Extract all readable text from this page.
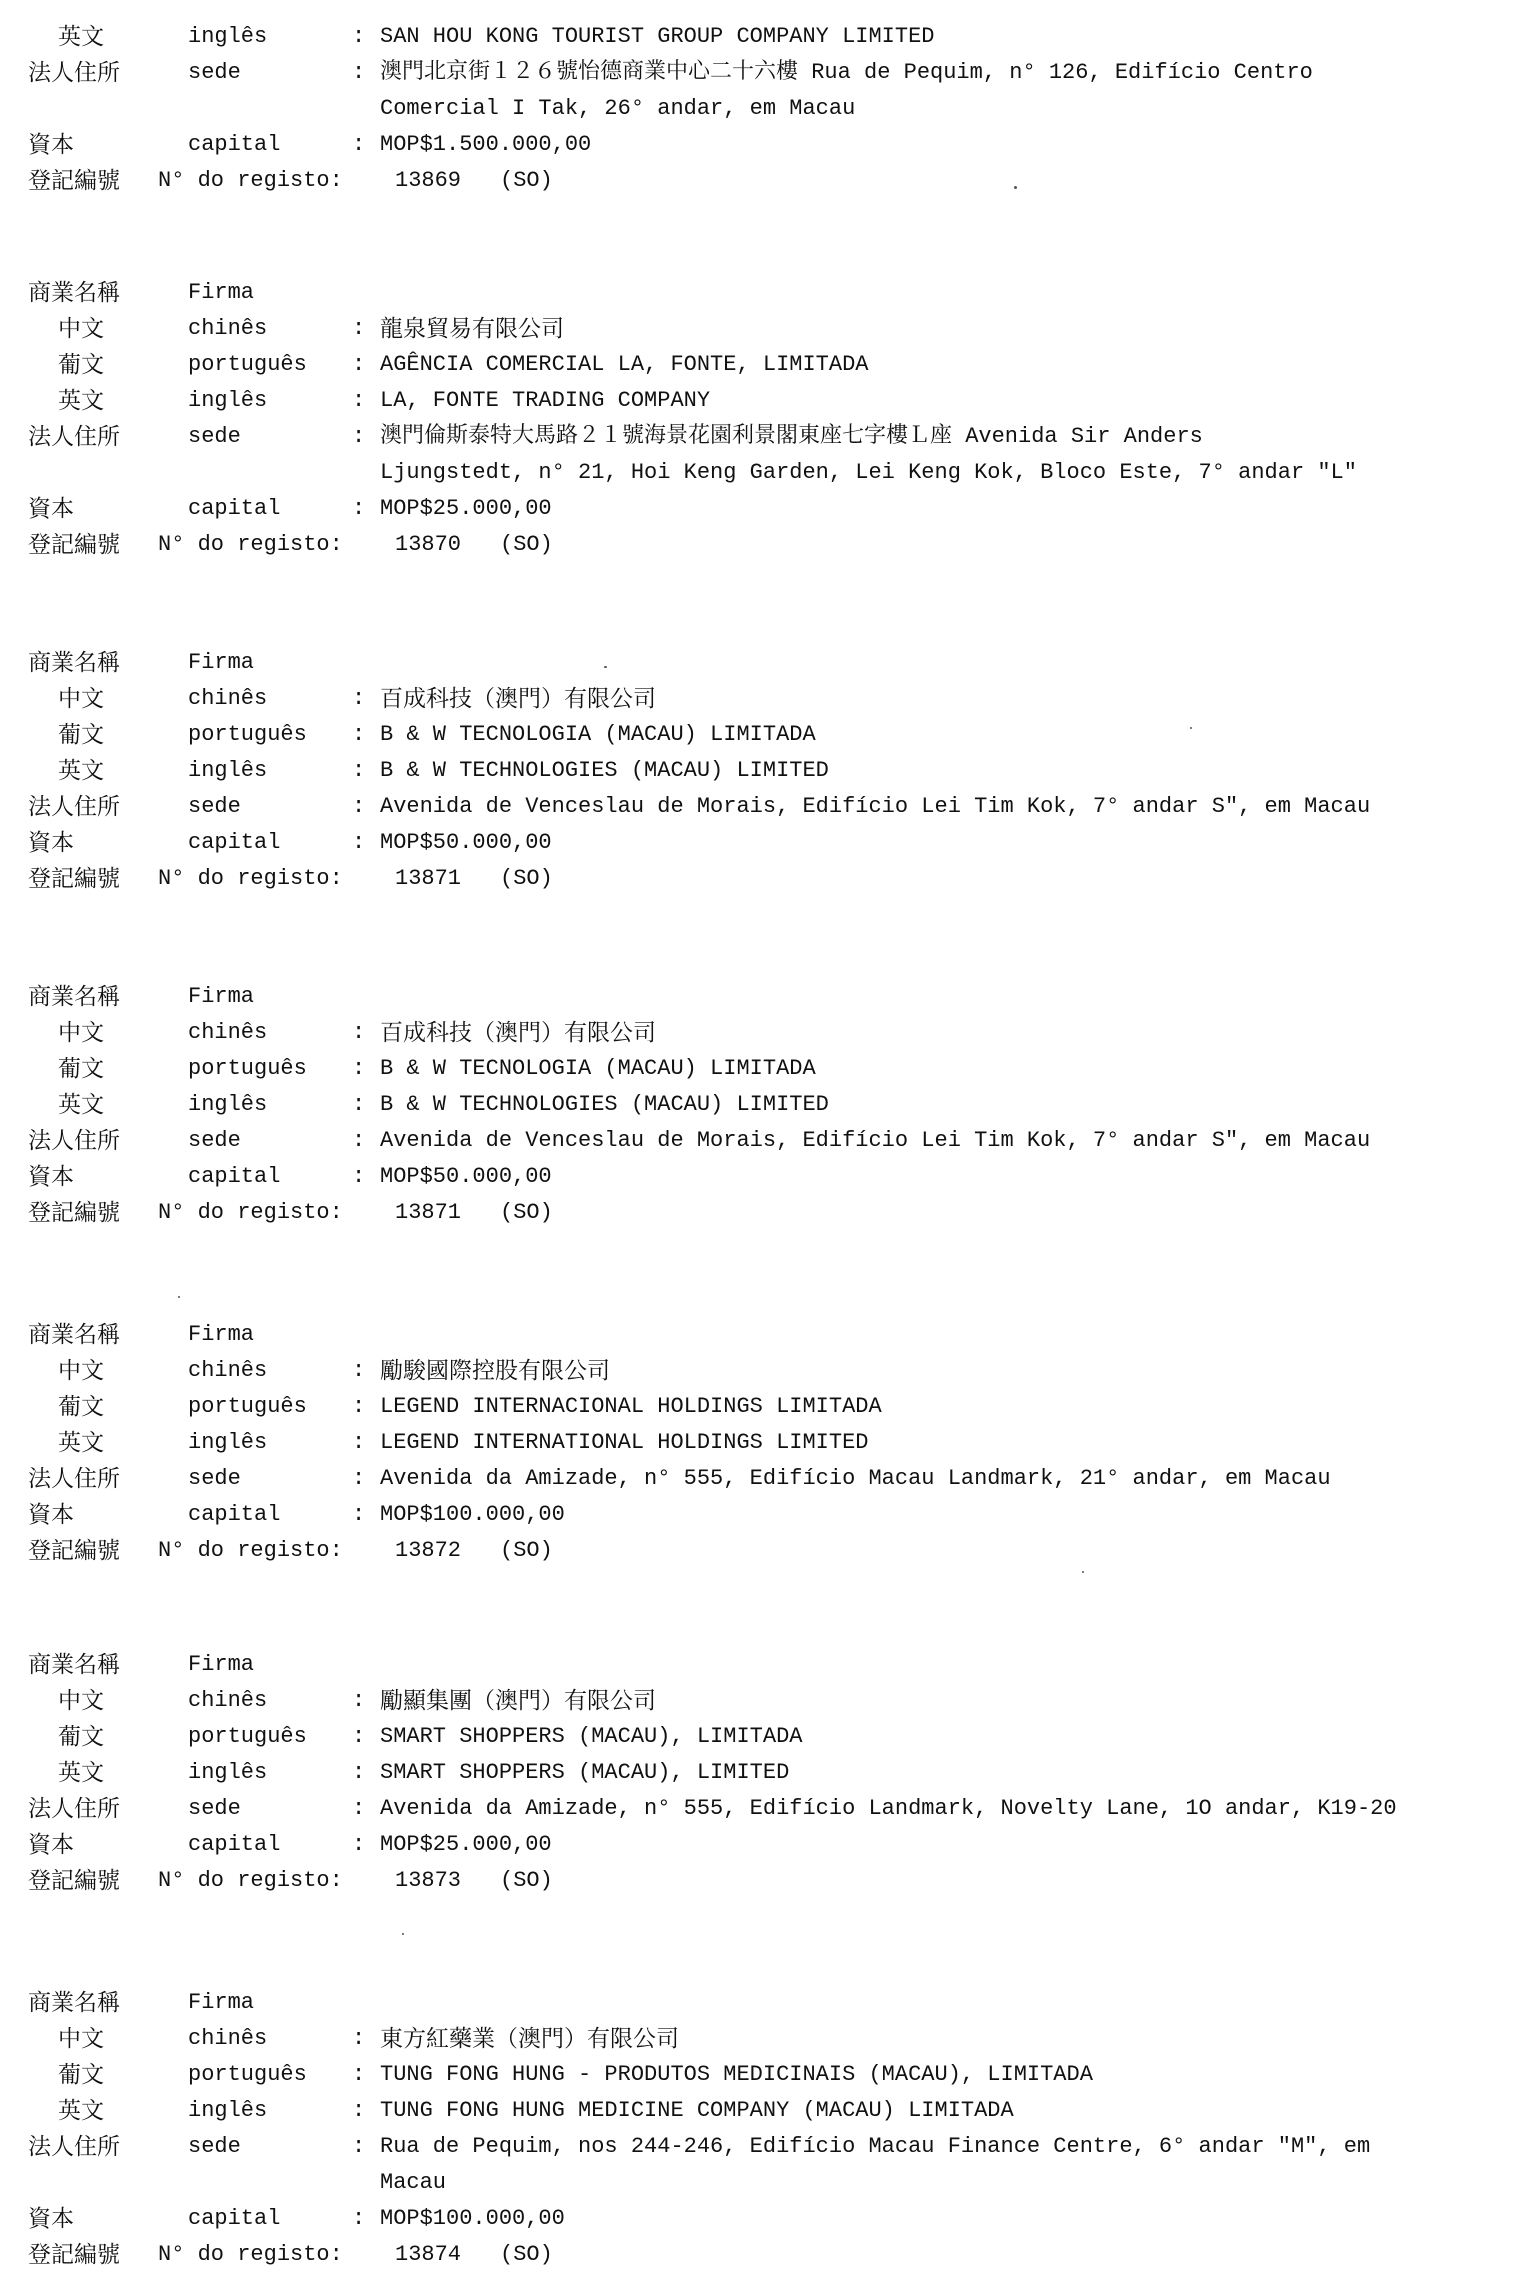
英文	inglês	: SAN HOU KONG TOURIST GROUP COMPANY LIMITED
法人住所	sede	: 澳門北京街１２６號怡德商業中心二十六樓 Rua de Pequim, n° 126, Edifício Centro
Comercial I Tak, 26° andar, em Macau
資本	capital	: MOP$1.500.000,00
登記編號 N° do registo: 13869 (SO)
商業名稱	Firma
中文	chinês	: 龍泉貿易有限公司
葡文	português : AGÊNCIA COMERCIAL LA, FONTE, LIMITADA
英文	inglês	: LA, FONTE TRADING COMPANY
法人住所	sede	: 澳門倫斯泰特大馬路２１號海景花園利景閣東座七字樓Ｌ座 Avenida Sir Anders
Ljungstedt, n° 21, Hoi Keng Garden, Lei Keng Kok, Bloco Este, 7° andar "L"
資本	capital	: MOP$25.000,00
登記編號 N° do registo: 13870 (SO)
商業名稱	Firma
中文	chinês	: 百成科技（澳門）有限公司
葡文	português : B & W TECNOLOGIA (MACAU) LIMITADA
英文	inglês	: B & W TECHNOLOGIES (MACAU) LIMITED
法人住所	sede	: Avenida de Venceslau de Morais, Edifício Lei Tim Kok, 7° andar S", em Macau
資本	capital	: MOP$50.000,00
登記編號 N° do registo: 13871 (SO)
商業名稱	Firma
中文	chinês	: 百成科技（澳門）有限公司
葡文	português : B & W TECNOLOGIA (MACAU) LIMITADA
英文	inglês	: B & W TECHNOLOGIES (MACAU) LIMITED
法人住所	sede	: Avenida de Venceslau de Morais, Edifício Lei Tim Kok, 7° andar S", em Macau
資本	capital	: MOP$50.000,00
登記編號 N° do registo: 13871 (SO)
商業名稱	Firma
中文	chinês	: 勵駿國際控股有限公司
葡文	português : LEGEND INTERNACIONAL HOLDINGS LIMITADA
英文	inglês	: LEGEND INTERNATIONAL HOLDINGS LIMITED
法人住所	sede	: Avenida da Amizade, n° 555, Edifício Macau Landmark, 21° andar, em Macau
資本	capital	: MOP$100.000,00
登記編號 N° do registo: 13872 (SO)
商業名稱	Firma
中文	chinês	: 勵顯集團（澳門）有限公司
葡文	português : SMART SHOPPERS (MACAU), LIMITADA
英文	inglês	: SMART SHOPPERS (MACAU), LIMITED
法人住所	sede	: Avenida da Amizade, n° 555, Edifício Landmark, Novelty Lane, 1O andar, K19-20
資本	capital	: MOP$25.000,00
登記編號 N° do registo: 13873 (SO)
商業名稱	Firma
中文	chinês	: 東方紅藥業（澳門）有限公司
葡文	português : TUNG FONG HUNG - PRODUTOS MEDICINAIS (MACAU), LIMITADA
英文	inglês	: TUNG FONG HUNG MEDICINE COMPANY (MACAU) LIMITADA
法人住所	sede	: Rua de Pequim, nos 244-246, Edifício Macau Finance Centre, 6° andar "M", em
Macau
資本	capital	: MOP$100.000,00
登記編號 N° do registo: 13874 (SO)
